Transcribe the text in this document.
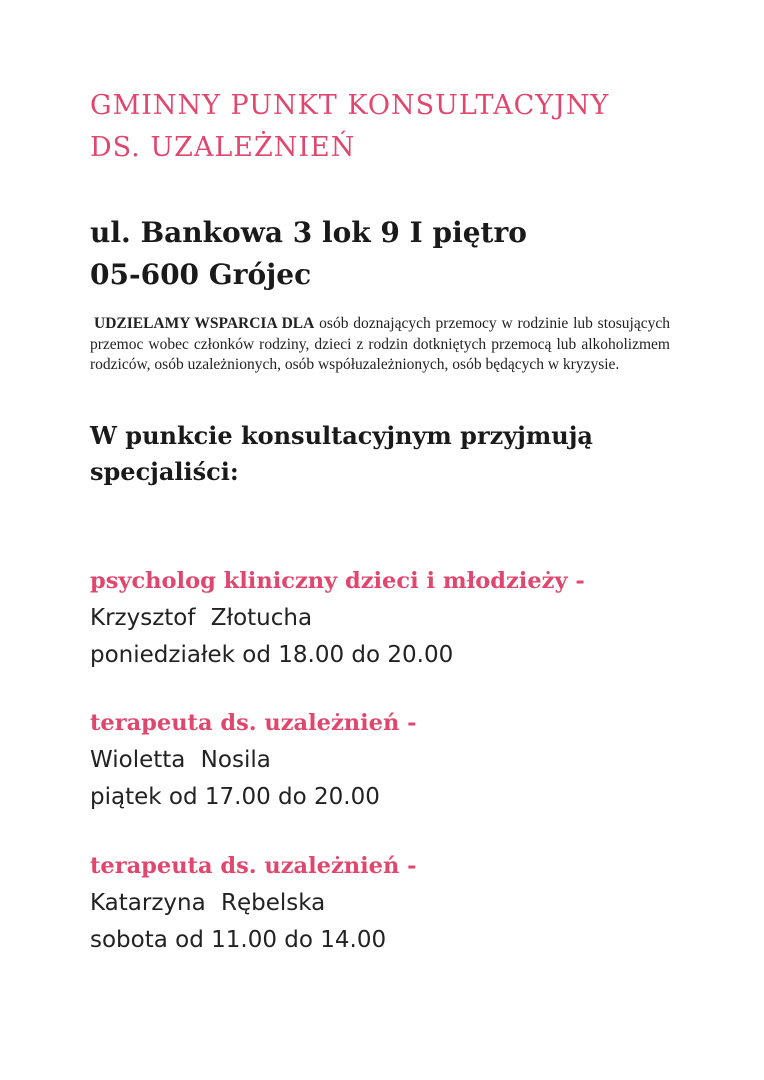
GMINNY PUNKT KONSULTACYJNY
DS. UZALEŻNIEŃ
ul. Bankowa 3 lok 9 I piętro
05-600 Grójec
UDZIELAMY WSPARCIA DLA osób doznających przemocy w rodzinie lub stosujących przemoc wobec członków rodziny, dzieci z rodzin dotkniętych przemocą lub alkoholizmem rodziców, osób uzależnionych, osób współuzależnionych, osób będących w kryzysie.
W punkcie konsultacyjnym przyjmują
specjaliści:
psycholog kliniczny dzieci i młodzieży -
Krzysztof Złotucha
poniedziałek od 18.00 do 20.00
terapeuta ds. uzależnień -
Wioletta Nosila
piątek od 17.00 do 20.00
terapeuta ds. uzależnień -
Katarzyna Rębelska
sobota od 11.00 do 14.00
